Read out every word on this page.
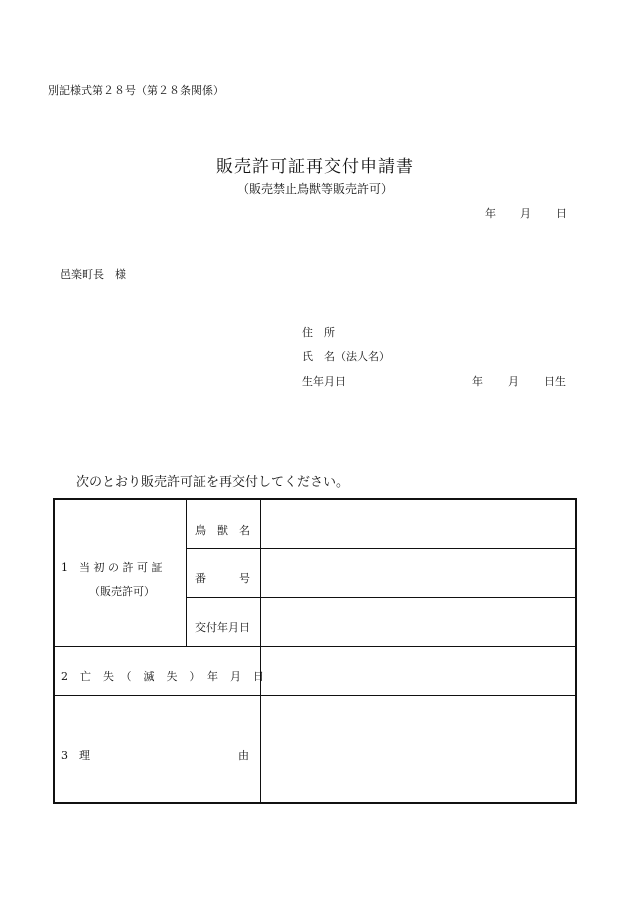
別記様式第２８号（第２８条関係）
販売許可証再交付申請書
（販売禁止鳥獣等販売許可）
年 月 日
邑楽町長　様
住　所
氏　名（法人名）
生年月日	年 月 日生
次のとおり販売許可証を再交付してください。
1　当 初 の 許 可 証
（販売許可）
鳥　獣　名
番　　　号
交付年月日
2　亡　失　（　滅　失　）　年　月　日
3　理	由
